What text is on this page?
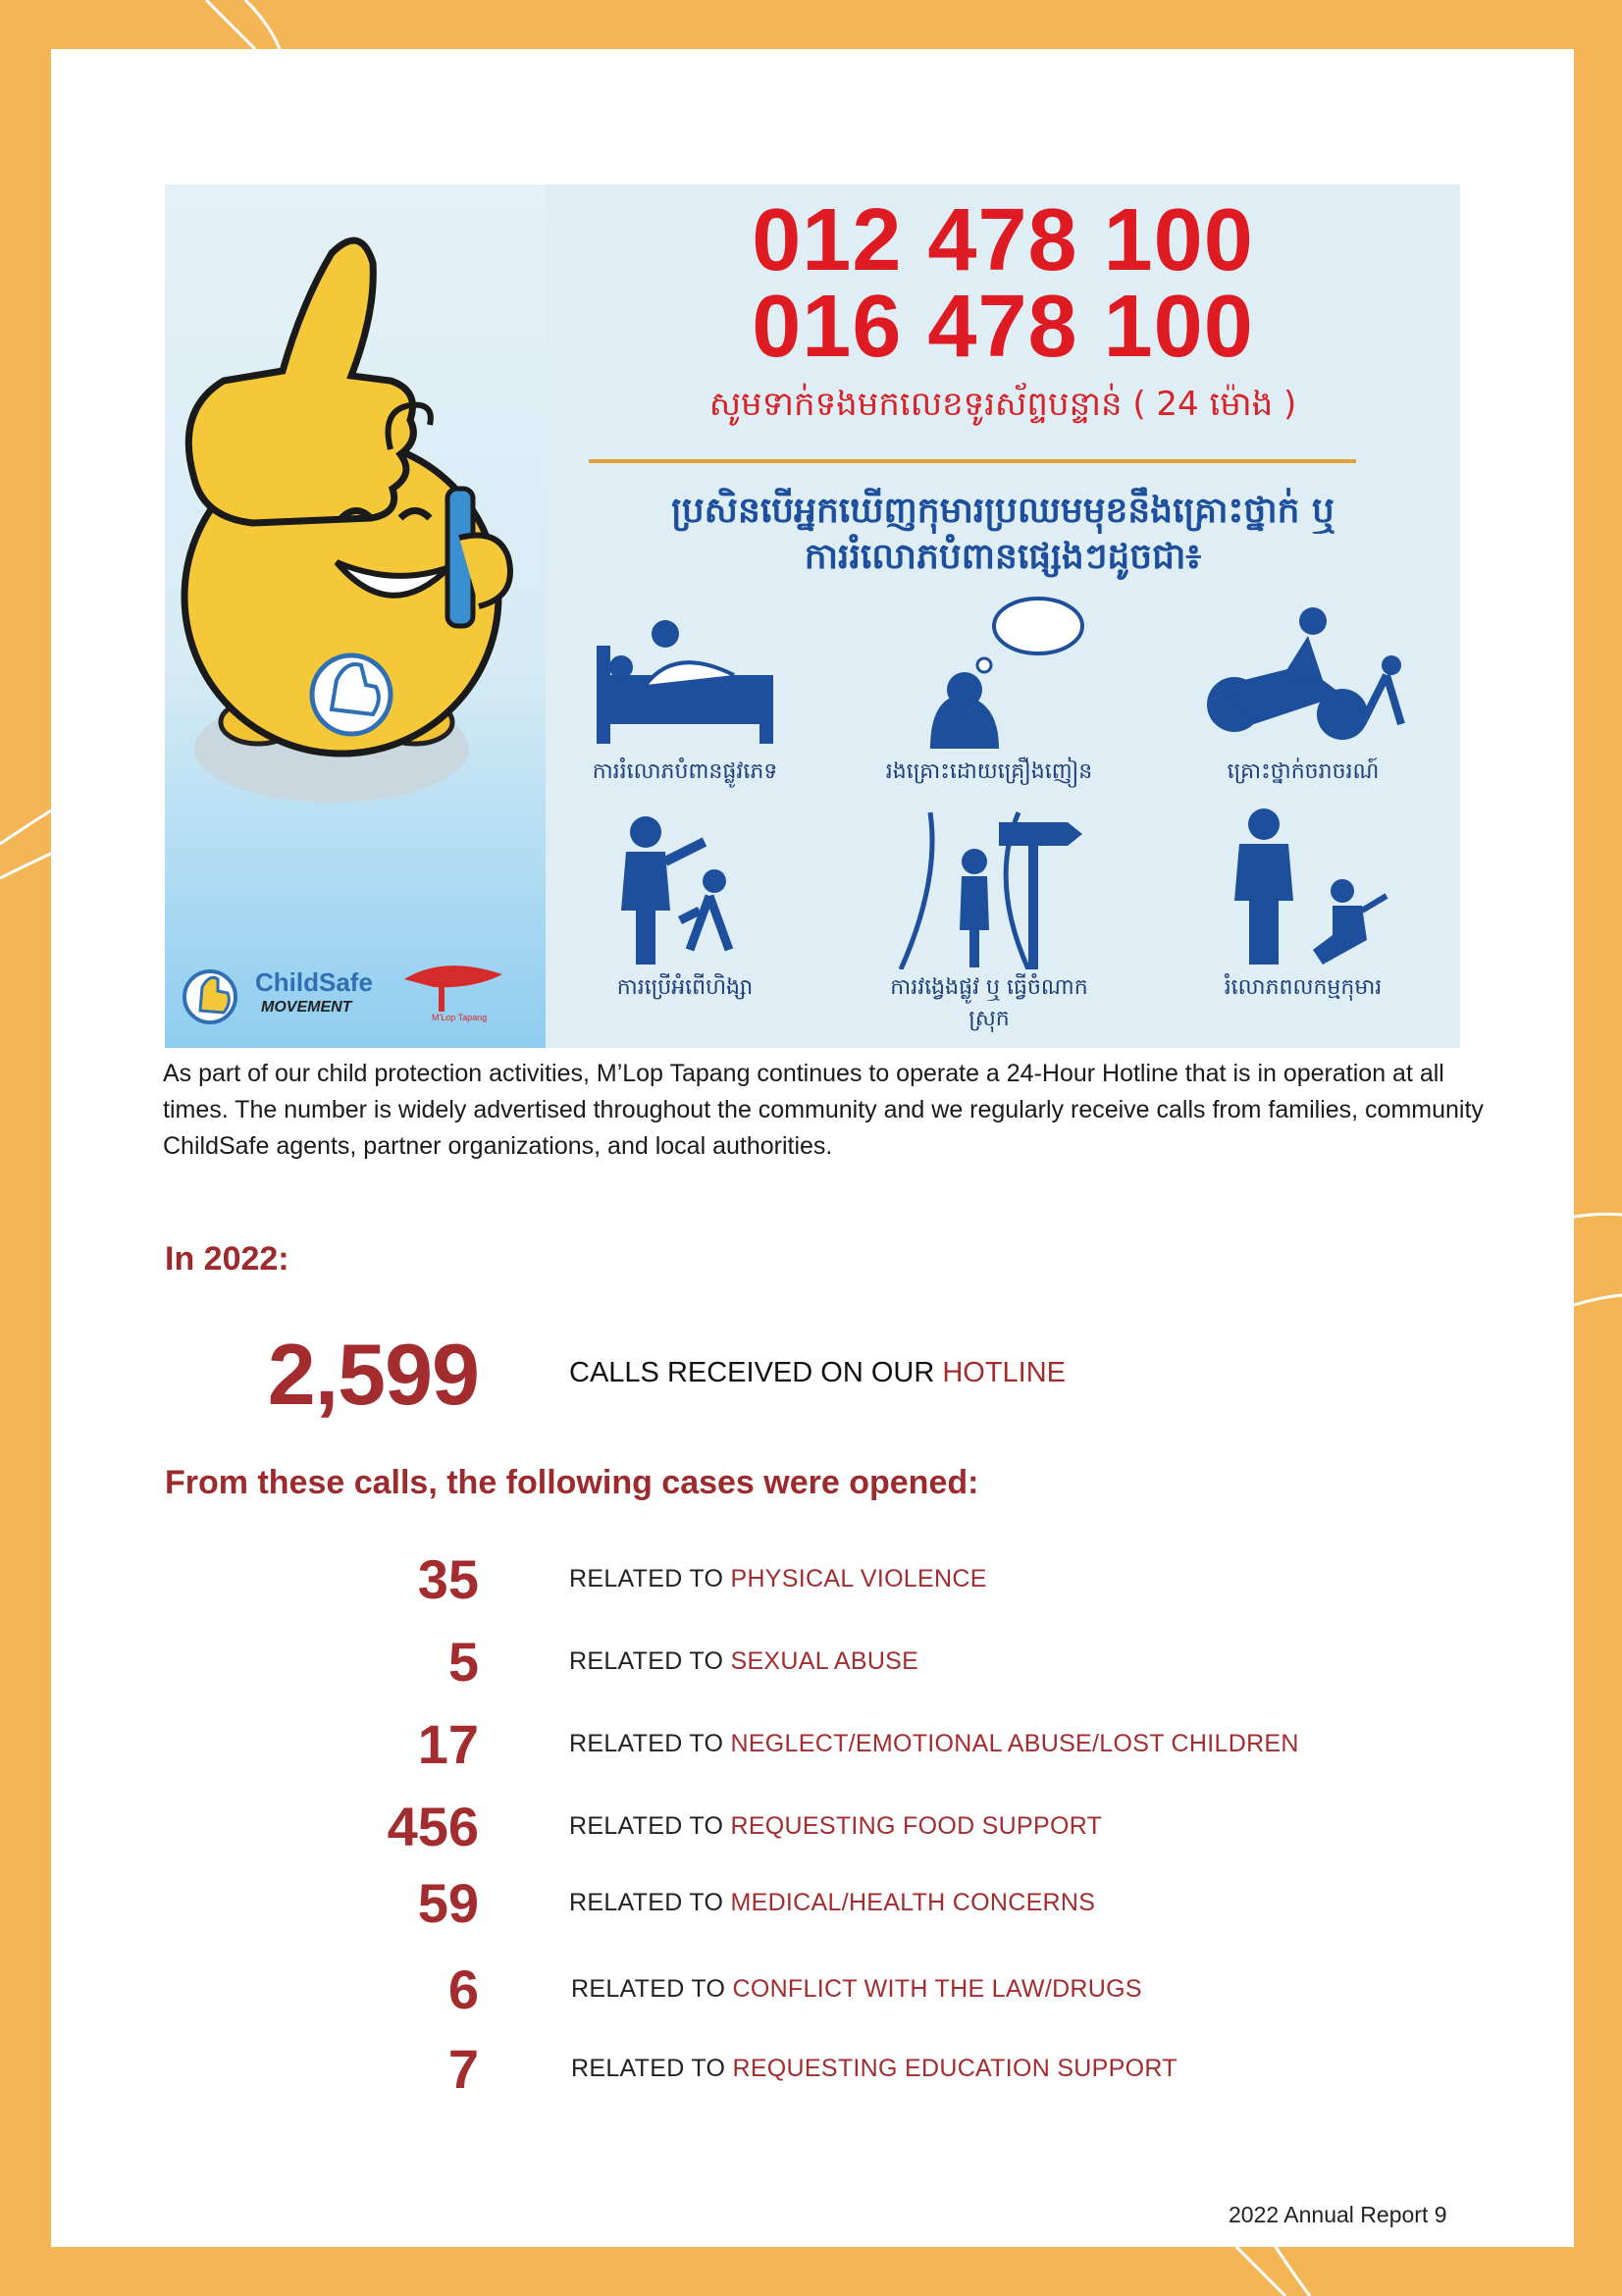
ChildSafe
MOVEMENT
M'Lop Tapang
012 478 100
016 478 100
សូមទាក់ទងមកលេខទូរស័ព្ទបន្ទាន់ ( 24 ម៉ោង )
ប្រសិនបើអ្នកឃើញកុមារប្រឈមមុខនឹងគ្រោះថ្នាក់ ឬ
ការរំលោភបំពានផ្សេងៗដូចជា៖
ការរំលោភបំពានផ្លូវភេទ	រងគ្រោះដោយគ្រឿងញៀន	គ្រោះថ្នាក់ចរាចរណ៍
ការប្រើអំពើហិង្សា	ការវង្វេងផ្លូវ ឬ ធ្វើចំណាកស្រុក
រំលោភពលកម្មកុមារ
As part of our child protection activities, M’Lop Tapang continues to operate a 24-Hour Hotline that is in operation at all times. The number is widely advertised throughout the community and we regularly receive calls from families, community ChildSafe agents, partner organizations, and local authorities.
In 2022:
2,599	CALLS RECEIVED ON OUR HOTLINE
From these calls, the following cases were opened:
35	RELATED TO PHYSICAL VIOLENCE
5	RELATED TO SEXUAL ABUSE
17	RELATED TO NEGLECT/EMOTIONAL ABUSE/LOST CHILDREN
456	RELATED TO REQUESTING FOOD SUPPORT
59	RELATED TO MEDICAL/HEALTH CONCERNS
6	RELATED TO CONFLICT WITH THE LAW/DRUGS
7	RELATED TO REQUESTING EDUCATION SUPPORT
2022 Annual Report 9
